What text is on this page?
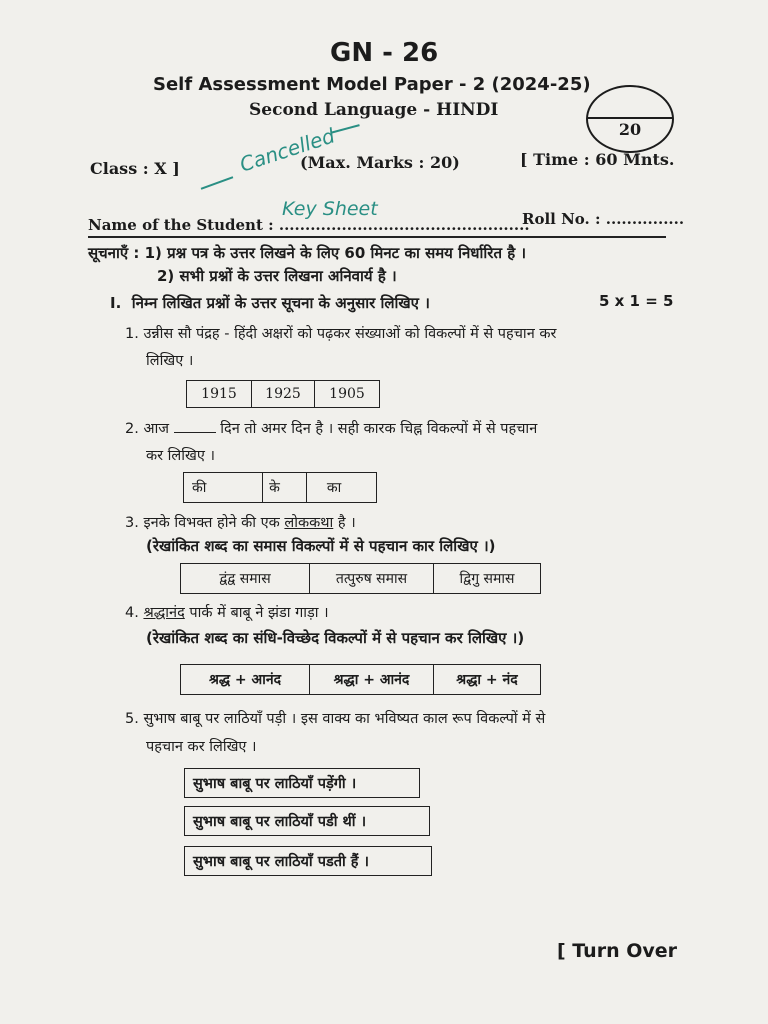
GN - 26
Self Assessment Model Paper - 2 (2024-25)
Second Language - HINDI
20
Class : X ]	(Max. Marks : 20)	[ Time : 60 Mnts.
Cancelled
Name of the Student : ................................................
Key Sheet	Roll No. : ...............
सूचनाएँ : 1) प्रश्न पत्र के उत्तर लिखने के लिए 60 मिनट का समय निर्धारित है ।
2) सभी प्रश्नों के उत्तर लिखना अनिवार्य है ।
I. निम्न लिखित प्रश्नों के उत्तर सूचना के अनुसार लिखिए ।	5 x 1 = 5
1. उन्नीस सौ पंद्रह - हिंदी अक्षरों को पढ़कर संख्याओं को विकल्पों में से पहचान कर
लिखिए ।
1915	1925	1905
2. आज	दिन तो अमर दिन है । सही कारक चिह्न विकल्पों में से पहचान
कर लिखिए ।
की	के	का
3. इनके विभक्त होने की एक लोककथा है ।
(रेखांकित शब्द का समास विकल्पों में से पहचान कार लिखिए ।)
द्वंद्व समास	तत्पुरुष समास	द्विगु समास
4. श्रद्धानंद पार्क में बाबू ने झंडा गाड़ा ।
(रेखांकित शब्द का संधि-विच्छेद विकल्पों में से पहचान कर लिखिए ।)
श्रद्ध + आनंद	श्रद्धा + आनंद	श्रद्धा + नंद
5. सुभाष बाबू पर लाठियाँ पड़ी । इस वाक्य का भविष्यत काल रूप विकल्पों में से
पहचान कर लिखिए ।
सुभाष बाबू पर लाठियाँ पड़ेंगी ।
सुभाष बाबू पर लाठियाँ पडी थीं ।
सुभाष बाबू पर लाठियाँ पडती हैं ।
[ Turn Over
